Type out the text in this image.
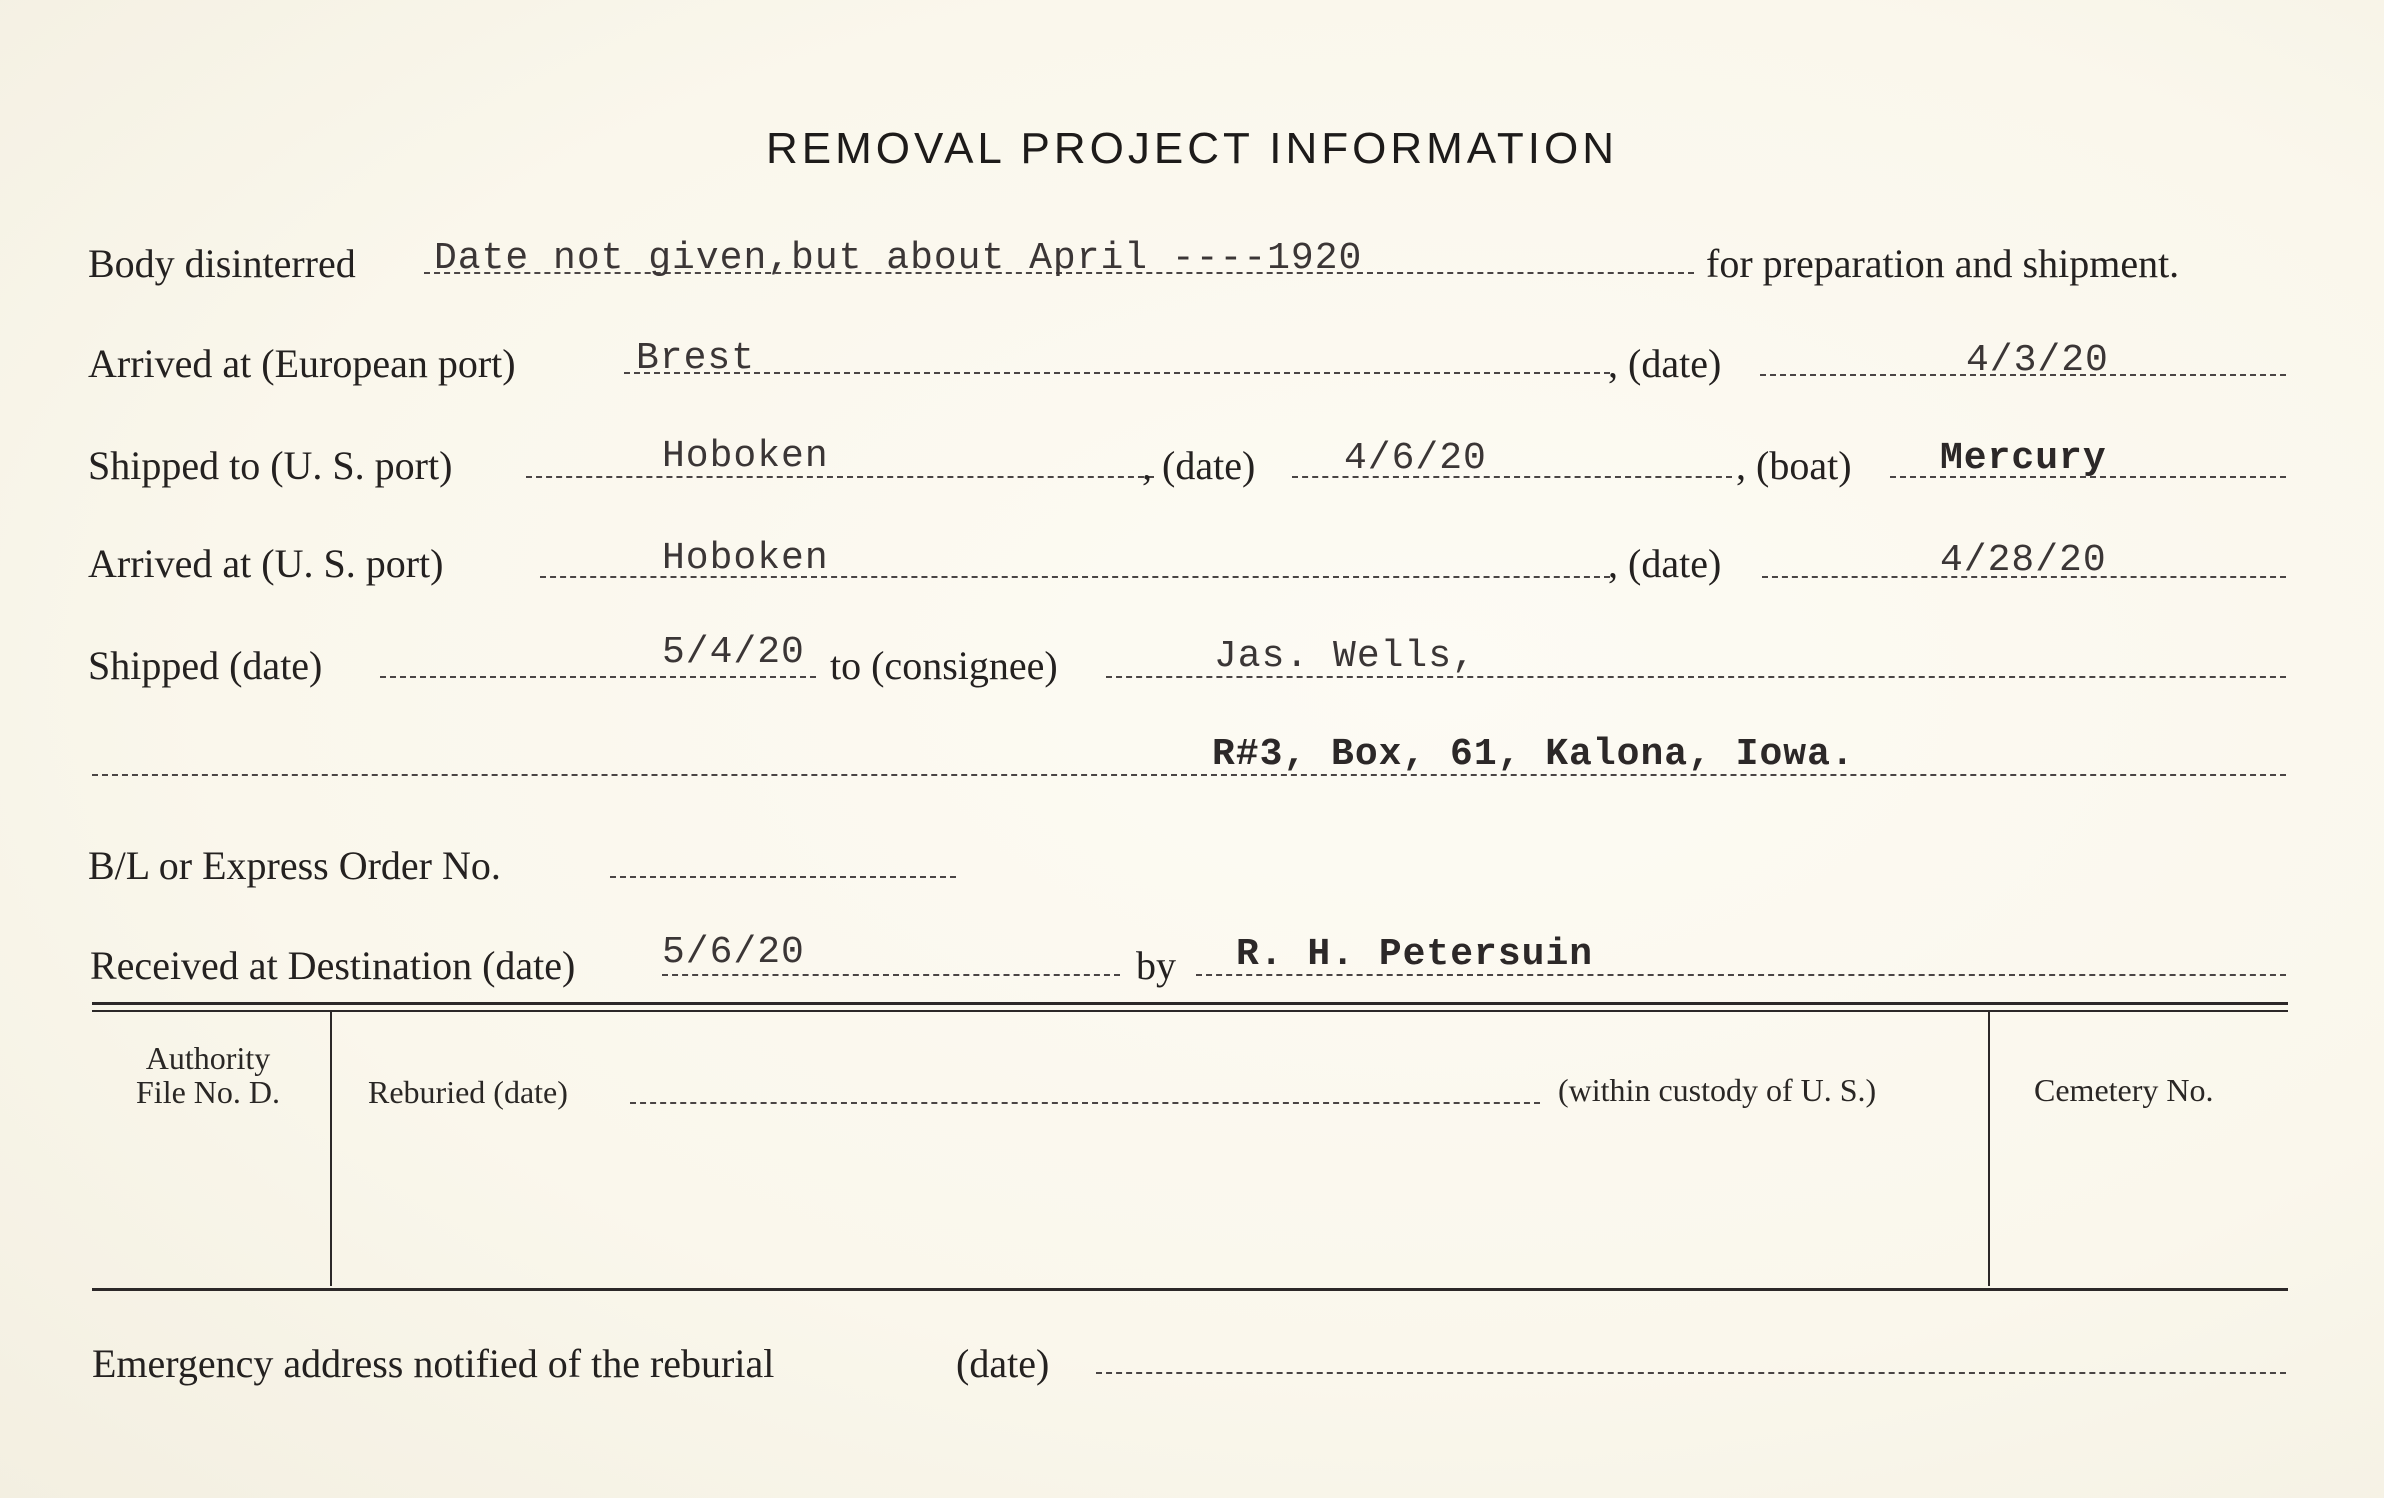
REMOVAL PROJECT INFORMATION
Body disinterred Date not given,but about April ----1920	for preparation and shipment.
Arrived at (European port)	Brest	, (date)	4/3/20
Shipped to (U. S. port)	Hoboken	, (date) 4/6/20	, (boat) Mercury
Arrived at (U. S. port)	Hoboken	, (date)	4/28/20
Shipped (date)	5/4/20 to (consignee)	Jas. Wells,
R#3, Box, 61, Kalona, Iowa.
B/L or Express Order No.
Received at Destination (date) 5/6/20	by R. H. Petersuin
Authority
File No. D.	Reburied (date)	(within custody of U. S.)	Cemetery No.
Emergency address notified of the reburial	(date)
